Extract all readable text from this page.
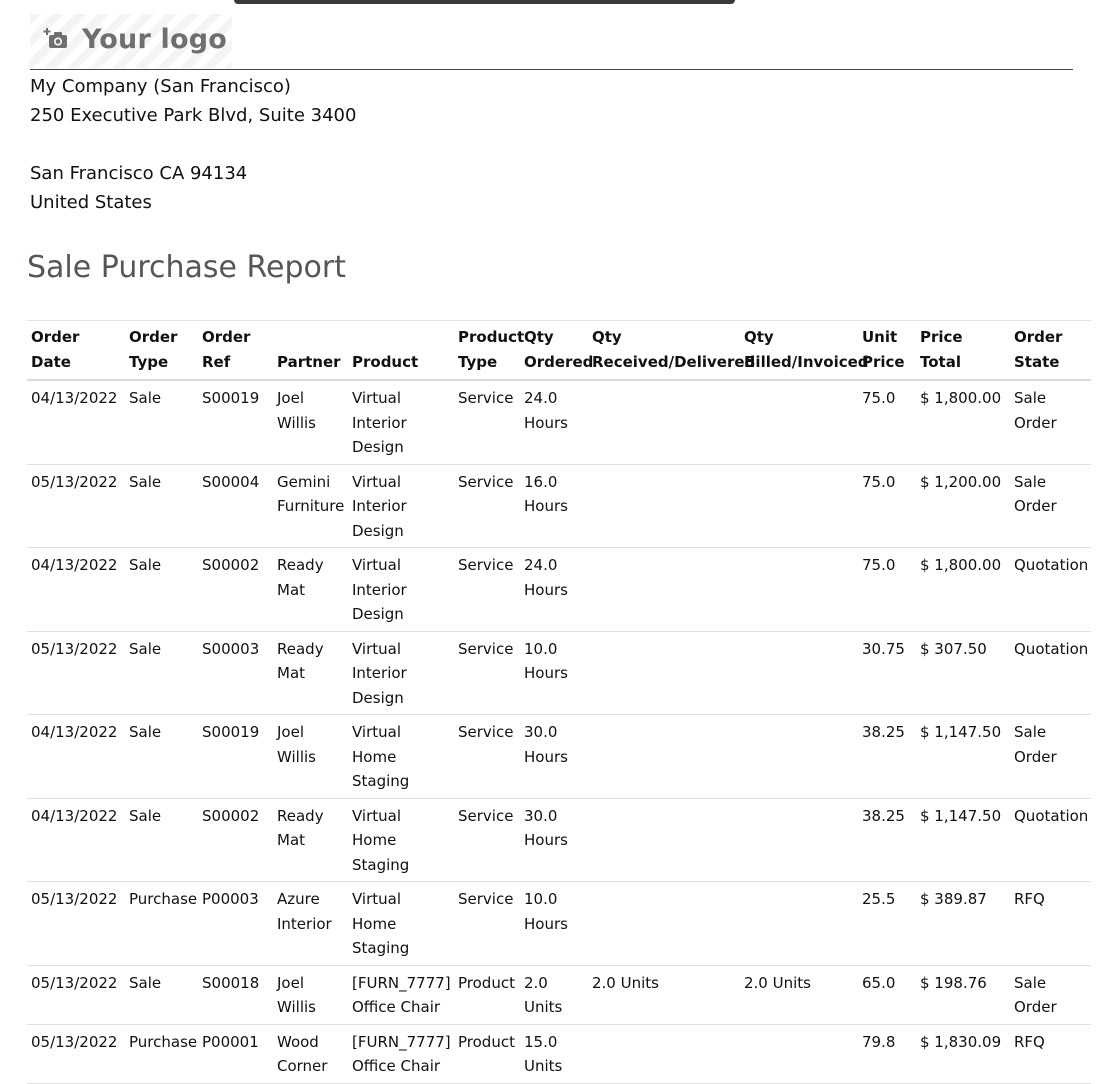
Your logo
My Company (San Francisco)
250 Executive Park Blvd, Suite 3400
San Francisco CA 94134
United States
Sale Purchase Report
Order Date	Order Type	Order Ref	Partner	Product	Product Type	Qty Ordered	Qty Received/Delivered	Qty Billed/Invoiced	Unit Price	Price Total	Order State
04/13/2022	Sale	S00019	Joel Willis	Virtual Interior Design	Service	24.0 Hours			75.0	$ 1,800.00	Sale Order
05/13/2022	Sale	S00004	Gemini Furniture	Virtual Interior Design	Service	16.0 Hours			75.0	$ 1,200.00	Sale Order
04/13/2022	Sale	S00002	Ready Mat	Virtual Interior Design	Service	24.0 Hours			75.0	$ 1,800.00	Quotation
05/13/2022	Sale	S00003	Ready Mat	Virtual Interior Design	Service	10.0 Hours			30.75	$ 307.50	Quotation
04/13/2022	Sale	S00019	Joel Willis	Virtual Home Staging	Service	30.0 Hours			38.25	$ 1,147.50	Sale Order
04/13/2022	Sale	S00002	Ready Mat	Virtual Home Staging	Service	30.0 Hours			38.25	$ 1,147.50	Quotation
05/13/2022	Purchase	P00003	Azure Interior	Virtual Home Staging	Service	10.0 Hours			25.5	$ 389.87	RFQ
05/13/2022	Sale	S00018	Joel Willis	[FURN_7777] Office Chair	Product	2.0 Units	2.0 Units	2.0 Units	65.0	$ 198.76	Sale Order
05/13/2022	Purchase	P00001	Wood Corner	[FURN_7777] Office Chair	Product	15.0 Units			79.8	$ 1,830.09	RFQ
